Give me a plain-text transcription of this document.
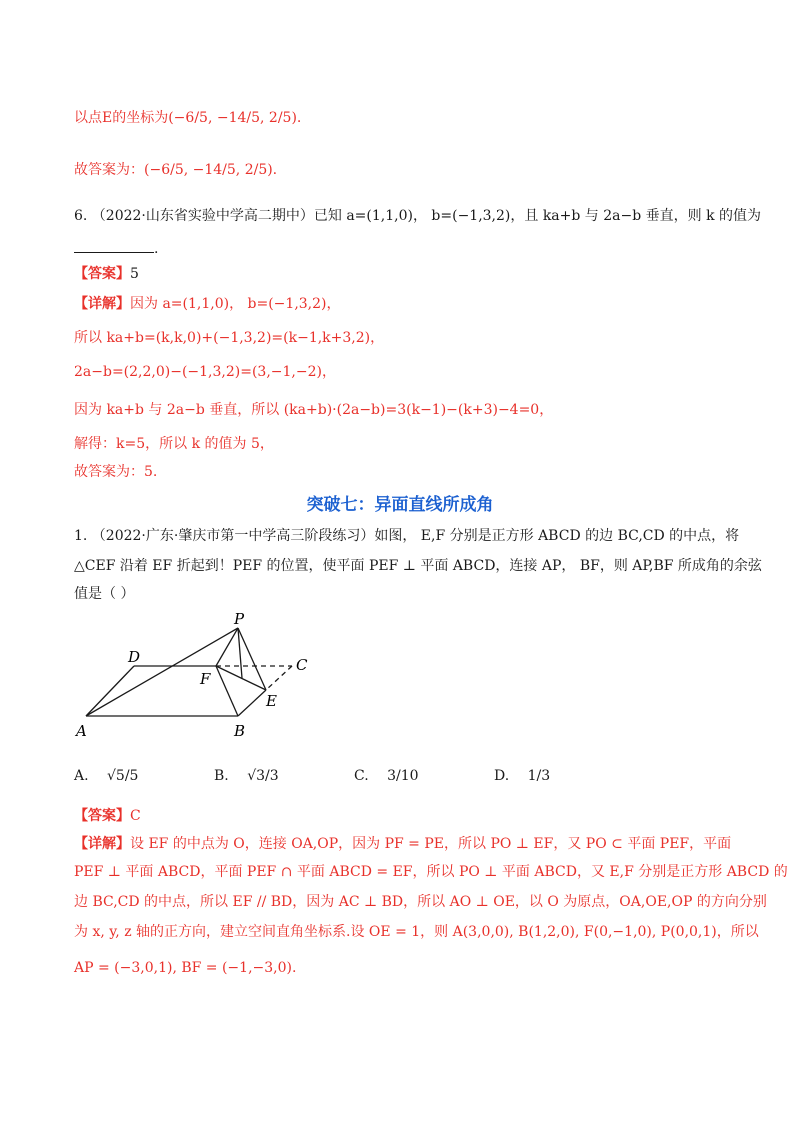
以点E的坐标为(−6/5, −14/5, 2/5).
故答案为：(−6/5, −14/5, 2/5).
6. （2022·山东省实验中学高二期中）已知 a=(1,1,0)， b=(−1,3,2)，且 ka+b 与 2a−b 垂直，则 k 的值为
.
【答案】5
【详解】因为 a=(1,1,0)， b=(−1,3,2)，
所以 ka+b=(k,k,0)+(−1,3,2)=(k−1,k+3,2)，
2a−b=(2,2,0)−(−1,3,2)=(3,−1,−2)，
因为 ka+b 与 2a−b 垂直，所以 (ka+b)·(2a−b)=3(k−1)−(k+3)−4=0，
解得：k=5，所以 k 的值为 5，
故答案为：5.
突破七：异面直线所成角
1. （2022·广东·肇庆市第一中学高三阶段练习）如图， E,F 分别是正方形 ABCD 的边 BC,CD 的中点，将
△CEF 沿着 EF 折起到！PEF 的位置，使平面 PEF ⊥ 平面 ABCD，连接 AP， BF，则 AP,BF 所成角的余弦
值是（ ）
P
D	C
F
E
A	B
A. √5/5	B. √3/3	C. 3/10	D. 1/3
【答案】C
【详解】设 EF 的中点为 O，连接 OA,OP，因为 PF = PE，所以 PO ⊥ EF，又 PO ⊂ 平面 PEF，平面
PEF ⊥ 平面 ABCD，平面 PEF ∩ 平面 ABCD = EF，所以 PO ⊥ 平面 ABCD，又 E,F 分别是正方形 ABCD 的
边 BC,CD 的中点，所以 EF // BD，因为 AC ⊥ BD，所以 AO ⊥ OE，以 O 为原点，OA,OE,OP 的方向分别
为 x, y, z 轴的正方向，建立空间直角坐标系.设 OE = 1，则 A(3,0,0), B(1,2,0), F(0,−1,0), P(0,0,1)，所以
AP = (−3,0,1), BF = (−1,−3,0).
